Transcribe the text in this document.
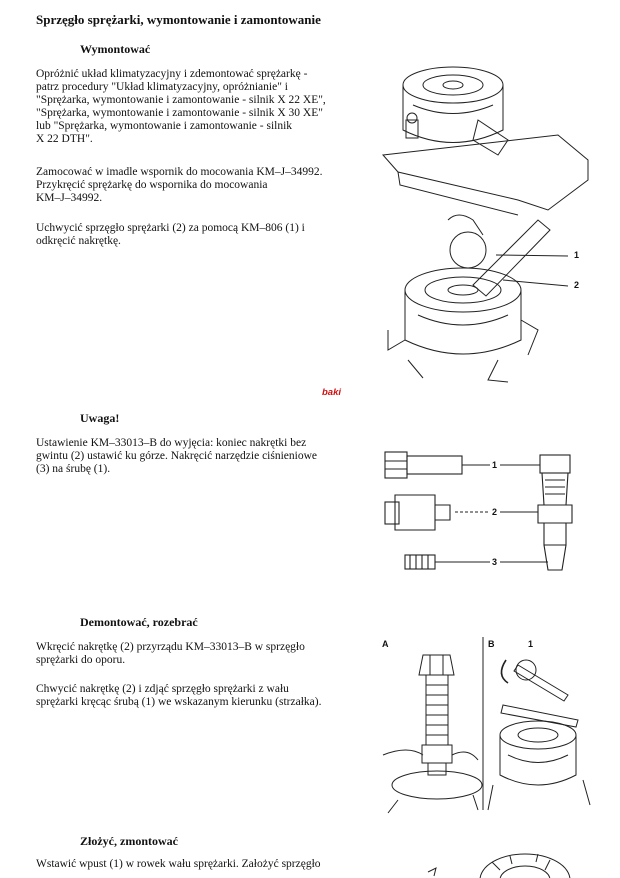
Sprzęgło sprężarki, wymontowanie i zamontowanie
Wymontować
Opróżnić układ klimatyzacyjny i zdemontować sprężarkę -
patrz procedury "Układ klimatyzacyjny, opróżnianie" i
"Sprężarka, wymontowanie i zamontowanie - silnik X 22 XE",
"Sprężarka, wymontowanie i zamontowanie - silnik X 30 XE"
lub "Sprężarka, wymontowanie i zamontowanie - silnik
X 22 DTH".
Zamocować w imadle wspornik do mocowania KM–J–34992.
Przykręcić sprężarkę do wspornika do mocowania
KM–J–34992.
Uchwycić sprzęgło sprężarki (2) za pomocą KM–806 (1) i
odkręcić nakrętkę.
1
2
baki
Uwaga!
Ustawienie KM–33013–B do wyjęcia: koniec nakrętki bez
gwintu (2) ustawić ku górze. Nakręcić narzędzie ciśnieniowe
(3) na śrubę (1).	1
2
3
Demontować, rozebrać
Wkręcić nakrętkę (2) przyrządu KM–33013–B w sprzęgło
sprężarki do oporu.
Chwycić nakrętkę (2) i zdjąć sprzęgło sprężarki z wału
sprężarki kręcąc śrubą (1) we wskazanym kierunku (strzałka).
A	B	1
Złożyć, zmontować
Wstawić wpust (1) w rowek wału sprężarki. Założyć sprzęgło
